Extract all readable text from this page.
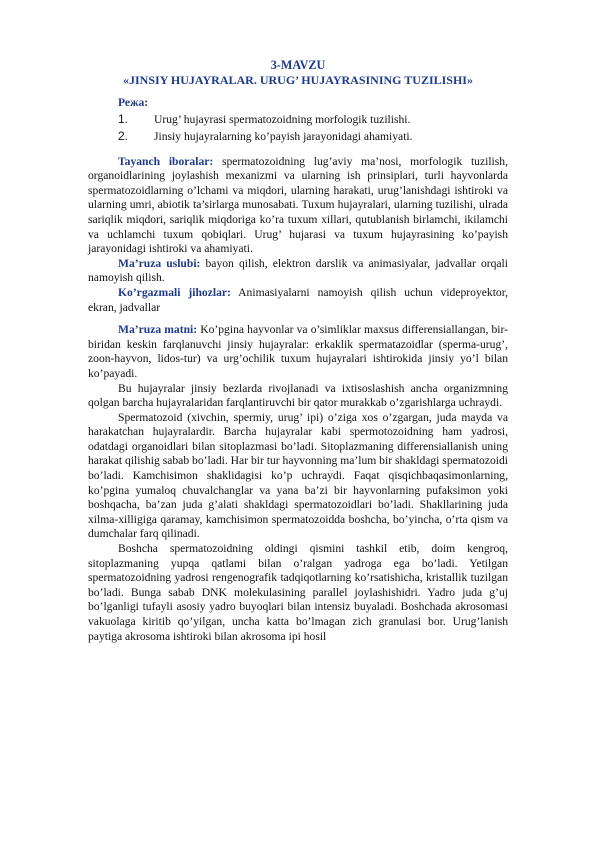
3-MAVZU
«JINSIY HUJAYRALAR. URUG’ HUJAYRASINING TUZILISHI»
Режа:
1.	Urug’ hujayrasi spermatozoidning morfologik tuzilishi.
2.	Jinsiy hujayralarning ko’payish jarayonidagi ahamiyati.

Tayanch iboralar: spermatozoidning lug’aviy ma’nosi, morfologik tuzilish, organoidlarining joylashish mexanizmi va ularning ish prinsiplari, turli hayvonlarda spermatozoidlarning o’lchami va miqdori, ularning harakati, urug’lanishdagi ishtiroki va ularning umri, abiotik ta’sirlarga munosabati. Tuxum hujayralari, ularning tuzilishi, ulrada sariqlik miqdori, sariqlik miqdoriga ko’ra tuxum xillari, qutublanish birlamchi, ikilamchi va uchlamchi tuxum qobiqlari. Urug’ hujarasi va tuxum hujayrasining ko’payish jarayonidagi ishtiroki va ahamiyati.

Ma’ruza uslubi: bayon qilish, elektron darslik va animasiyalar, jadvallar orqali namoyish qilish.

Ko’rgazmali jihozlar: Animasiyalarni namoyish qilish uchun videproyektor, ekran, jadvallar

Ma’ruza matni: Ko’pgina hayvonlar va o’simliklar maxsus differensiallangan, bir-biridan keskin farqlanuvchi jinsiy hujayralar: erkaklik spermatazoidlar (sperma-urug’, zoon-hayvon, lidos-tur) va urg’ochilik tuxum hujayralari ishtirokida jinsiy yo’l bilan ko’payadi.

Bu hujayralar jinsiy bezlarda rivojlanadi va ixtisoslashish ancha organizmning qolgan barcha hujayralaridan farqlantiruvchi bir qator murakkab o’zgarishlarga uchraydi.

Spermatozoid (xivchin, spermiy, urug’ ipi) o’ziga xos o’zgargan, juda mayda va harakatchan hujayralardir. Barcha hujayralar kabi spermotozoidning ham yadrosi, odatdagi organoidlari bilan sitoplazmasi bo’ladi. Sitoplazmaning differensiallanish uning harakat qilishig sabab bo’ladi. Har bir tur hayvonning ma’lum bir shakldagi spermatozoidi bo’ladi. Kamchisimon shaklidagisi ko’p uchraydi. Faqat qisqichbaqasimonlarning, ko’pgina yumaloq chuvalchanglar va yana ba’zi bir hayvonlarning pufaksimon yoki boshqacha, ba’zan juda g’alati shakldagi spermatozoidlari bo’ladi. Shakllarining juda xilma-xilligiga qaramay, kamchisimon spermatozoidda boshcha, bo’yincha, o’rta qism va dumchalar farq qilinadi.

Boshcha spermatozoidning oldingi qismini tashkil etib, doim kengroq, sitoplazmaning yupqa qatlami bilan o’ralgan yadroga ega bo’ladi. Yetilgan spermatozoidning yadrosi rengenografik tadqiqotlarning ko’rsatishicha, kristallik tuzilgan bo’ladi. Bunga sabab DNK molekulasining parallel joylashishidri. Yadro juda g’uj bo’lganligi tufayli asosiy yadro buyoqlari bilan intensiz buyaladi. Boshchada akrosomasi vakuolaga kiritib qo’yilgan, uncha katta bo’lmagan zich granulasi bor. Urug’lanish paytiga akrosoma ishtiroki bilan akrosoma ipi hosil
